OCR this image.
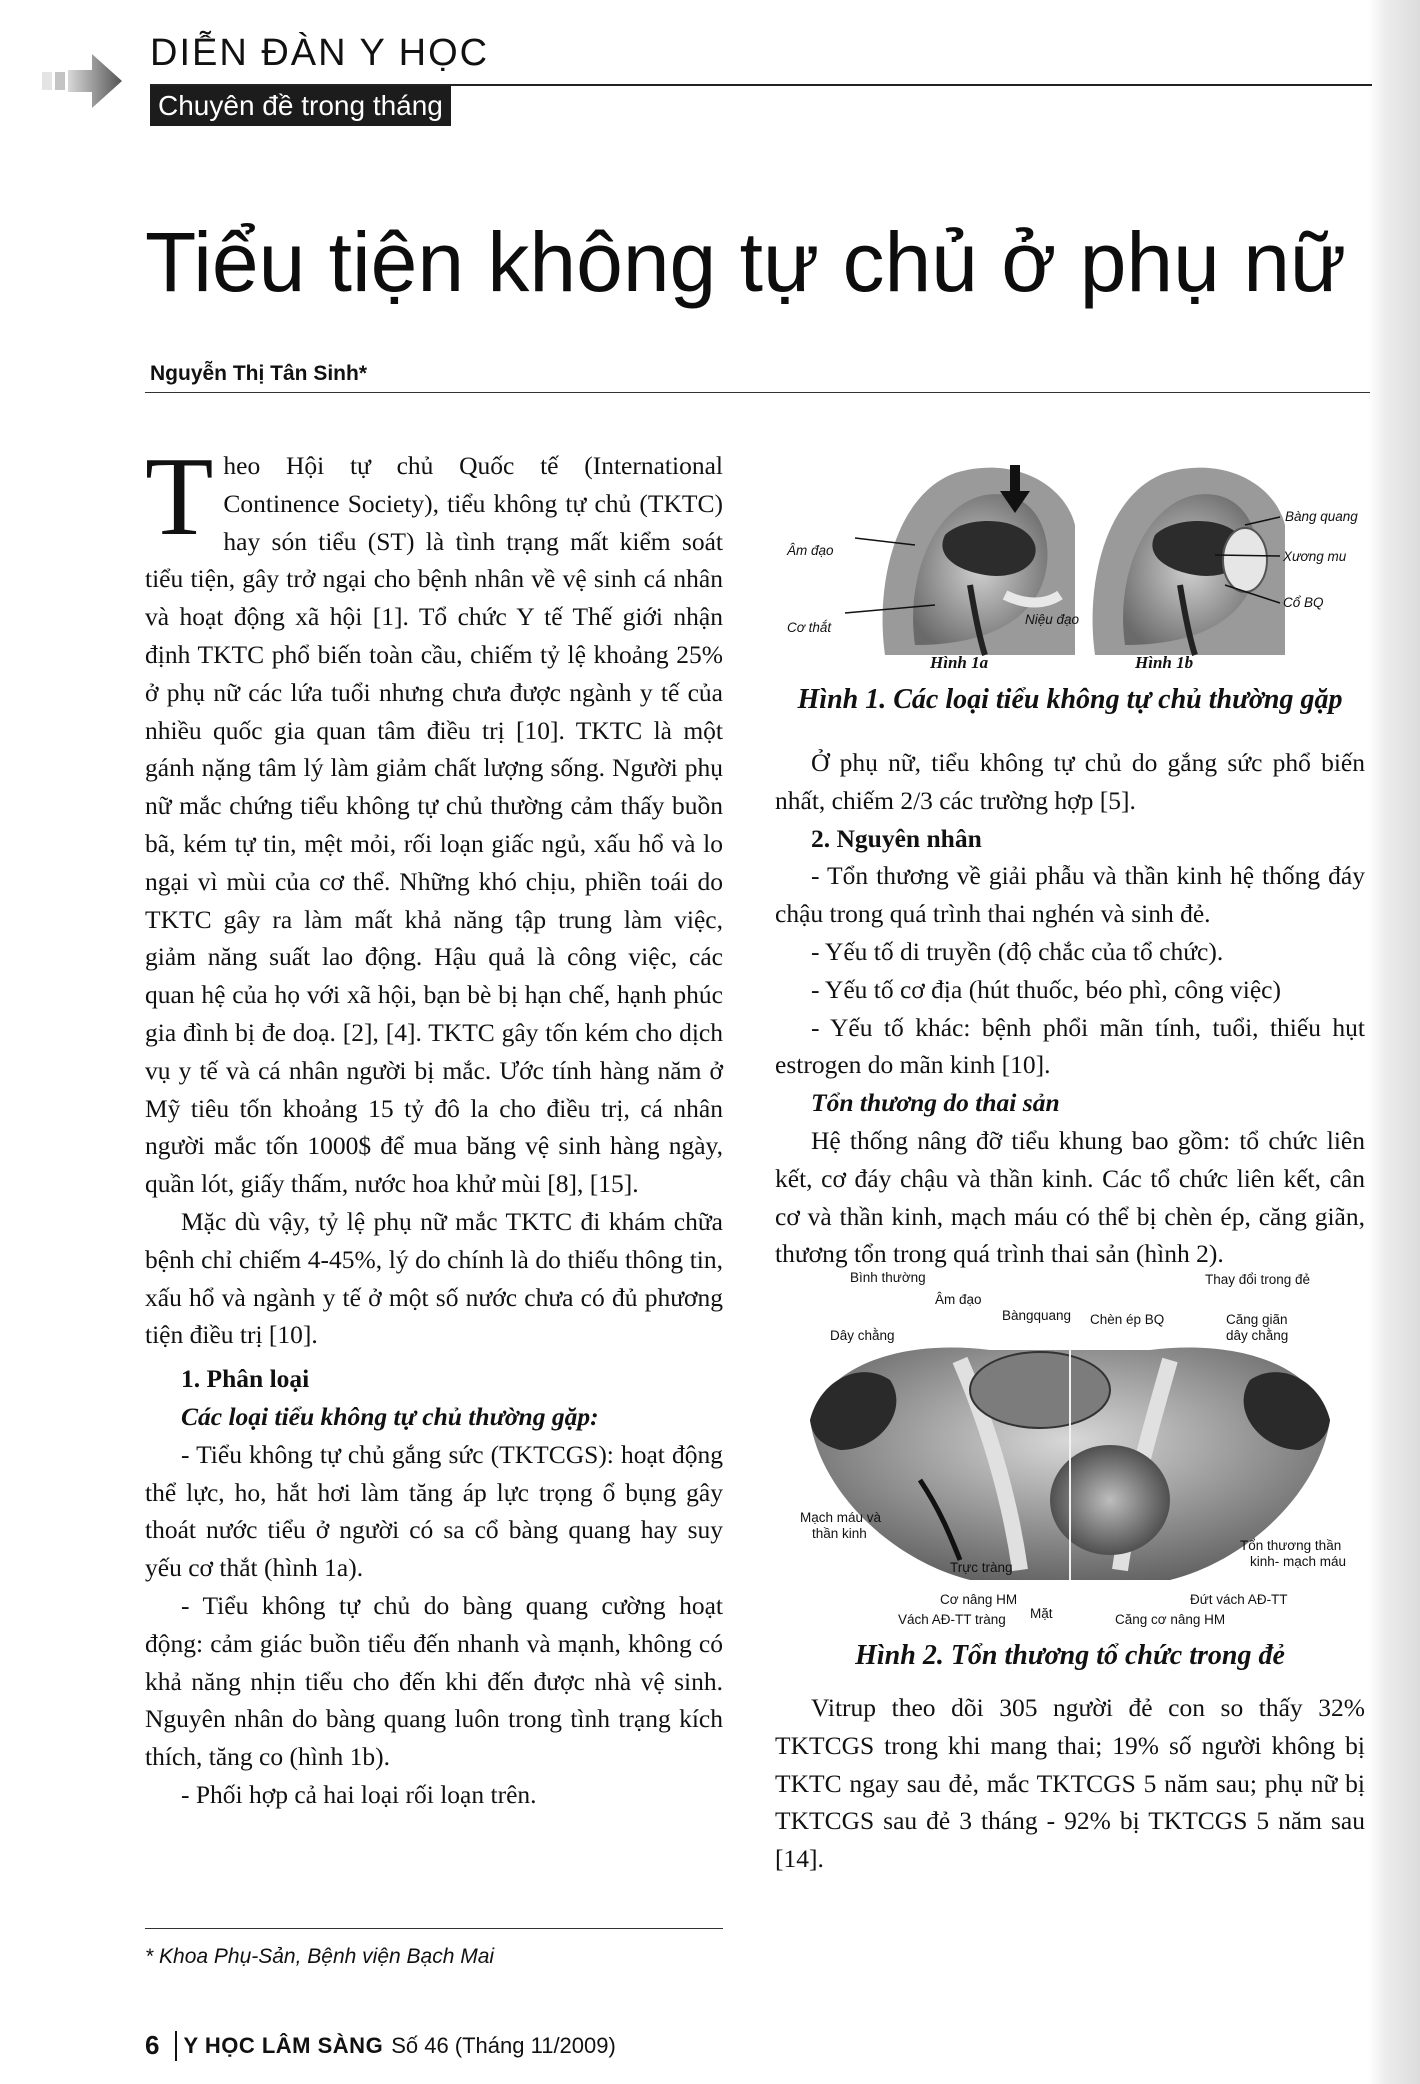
DIỄN ĐÀN Y HỌC
Chuyên đề trong tháng
Tiểu tiện không tự chủ ở phụ nữ
Nguyễn Thị Tân Sinh*

Theo Hội tự chủ Quốc tế (International Continence Society), tiểu không tự chủ (TKTC) hay són tiểu (ST) là tình trạng mất kiểm soát tiểu tiện, gây trở ngại cho bệnh nhân về vệ sinh cá nhân và hoạt động xã hội [1]. Tổ chức Y tế Thế giới nhận định TKTC phổ biến toàn cầu, chiếm tỷ lệ khoảng 25% ở phụ nữ các lứa tuổi nhưng chưa được ngành y tế của nhiều quốc gia quan tâm điều trị [10]. TKTC là một gánh nặng tâm lý làm giảm chất lượng sống. Người phụ nữ mắc chứng tiểu không tự chủ thường cảm thấy buồn bã, kém tự tin, mệt mỏi, rối loạn giấc ngủ, xấu hổ và lo ngại vì mùi của cơ thể. Những khó chịu, phiền toái do TKTC gây ra làm mất khả năng tập trung làm việc, giảm năng suất lao động. Hậu quả là công việc, các quan hệ của họ với xã hội, bạn bè bị hạn chế, hạnh phúc gia đình bị đe doạ. [2], [4]. TKTC gây tốn kém cho dịch vụ y tế và cá nhân người bị mắc. Ước tính hàng năm ở Mỹ tiêu tốn khoảng 15 tỷ đô la cho điều trị, cá nhân người mắc tốn 1000$ để mua băng vệ sinh hàng ngày, quần lót, giấy thấm, nước hoa khử mùi [8], [15].

Mặc dù vậy, tỷ lệ phụ nữ mắc TKTC đi khám chữa bệnh chỉ chiếm 4-45%, lý do chính là do thiếu thông tin, xấu hổ và ngành y tế ở một số nước chưa có đủ phương tiện điều trị [10].

1. Phân loại

Các loại tiểu không tự chủ thường gặp:

- Tiểu không tự chủ gắng sức (TKTCGS): hoạt động thể lực, ho, hắt hơi làm tăng áp lực trọng ổ bụng gây thoát nước tiểu ở người có sa cổ bàng quang hay suy yếu cơ thắt (hình 1a).

- Tiểu không tự chủ do bàng quang cường hoạt động: cảm giác buồn tiểu đến nhanh và mạnh, không có khả năng nhịn tiểu cho đến khi đến được nhà vệ sinh. Nguyên nhân do bàng quang luôn trong tình trạng kích thích, tăng co (hình 1b).

- Phối hợp cả hai loại rối loạn trên.

Âm đạo
Cơ thắt
Bàng quang
Xương mu
Cổ BQ
Niệu đạo
Hình 1a	Hình 1b
Hình 1. Các loại tiểu không tự chủ thường gặp

Ở phụ nữ, tiểu không tự chủ do gắng sức phổ biến nhất, chiếm 2/3 các trường hợp [5].

2. Nguyên nhân

- Tổn thương về giải phẫu và thần kinh hệ thống đáy chậu trong quá trình thai nghén và sinh đẻ.

- Yếu tố di truyền (độ chắc của tổ chức).

- Yếu tố cơ địa (hút thuốc, béo phì, công việc)

- Yếu tố khác: bệnh phổi mãn tính, tuổi, thiếu hụt estrogen do mãn kinh [10].

Tổn thương do thai sản

Hệ thống nâng đỡ tiểu khung bao gồm: tổ chức liên kết, cơ đáy chậu và thần kinh. Các tổ chức liên kết, cân cơ và thần kinh, mạch máu có thể bị chèn ép, căng giãn, thương tổn trong quá trình thai sản (hình 2).

Bình thường	Thay đổi trong đẻ
Âm đạo
Bàngquang Chèn ép BQ	Căng giãn
dây chằng
Dây chằng
Mạch máu và
thần kinh
Trực tràng
Cơ nâng HM
Mặt
Vách AĐ-TT tràng
Tổn thương thần
kinh- mạch máu
Đứt vách AĐ-TT
Căng cơ nâng HM
Hình 2. Tổn thương tổ chức trong đẻ

Vitrup theo dõi 305 người đẻ con so thấy 32% TKTCGS trong khi mang thai; 19% số người không bị TKTC ngay sau đẻ, mắc TKTCGS 5 năm sau; phụ nữ bị TKTCGS sau đẻ 3 tháng - 92% bị TKTCGS 5 năm sau [14].

* Khoa Phụ-Sản, Bệnh viện Bạch Mai
6 Y HỌC LÂM SÀNG Số 46 (Tháng 11/2009)
